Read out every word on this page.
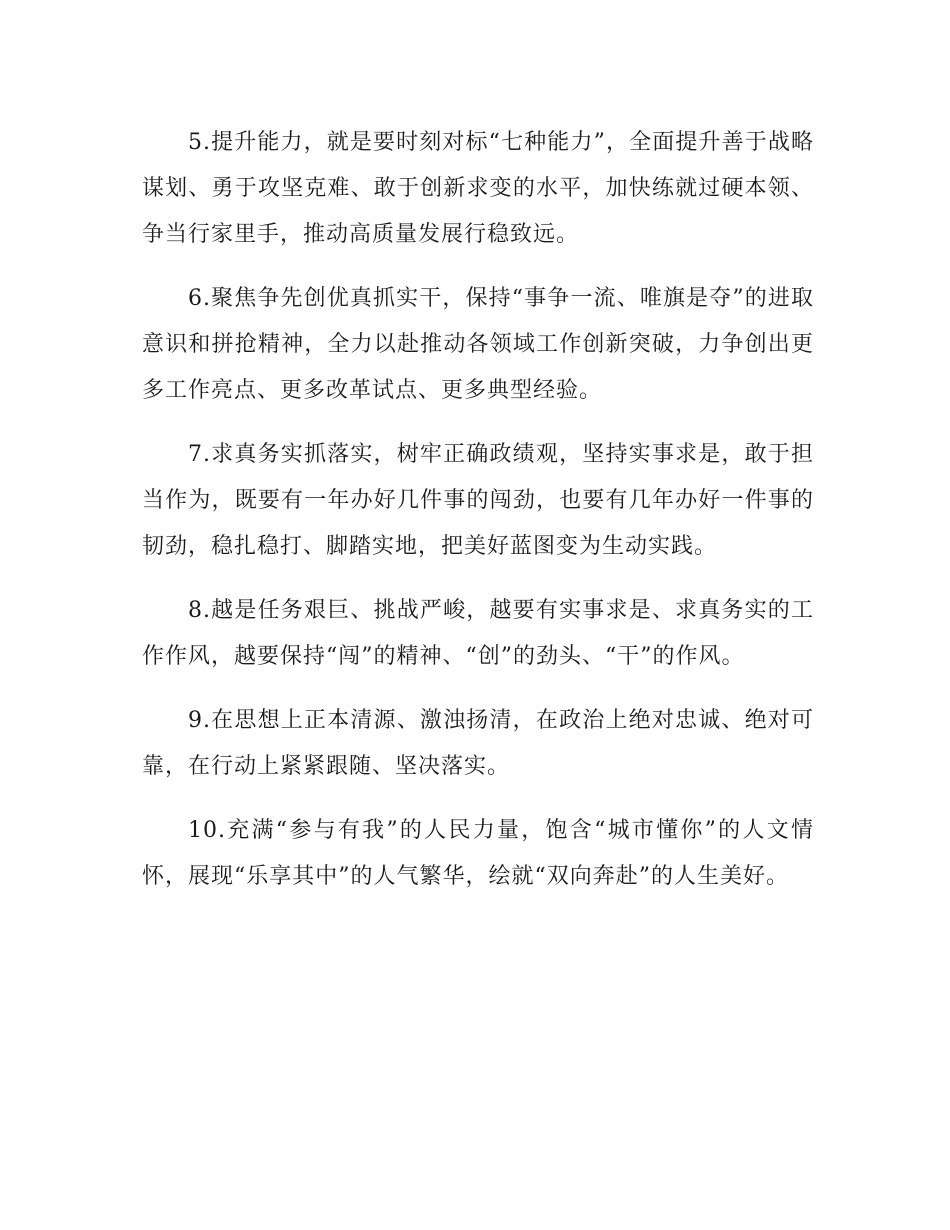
5.提升能力，就是要时刻对标“七种能力”，全面提升善于战略谋划、勇于攻坚克难、敢于创新求变的水平，加快练就过硬本领、争当行家里手，推动高质量发展行稳致远。

6.聚焦争先创优真抓实干，保持“事争一流、唯旗是夺”的进取意识和拼抢精神，全力以赴推动各领域工作创新突破，力争创出更多工作亮点、更多改革试点、更多典型经验。

7.求真务实抓落实，树牢正确政绩观，坚持实事求是，敢于担当作为，既要有一年办好几件事的闯劲，也要有几年办好一件事的韧劲，稳扎稳打、脚踏实地，把美好蓝图变为生动实践。

8.越是任务艰巨、挑战严峻，越要有实事求是、求真务实的工作作风，越要保持“闯”的精神、“创”的劲头、“干”的作风。

9.在思想上正本清源、激浊扬清，在政治上绝对忠诚、绝对可靠，在行动上紧紧跟随、坚决落实。

10.充满“参与有我”的人民力量，饱含“城市懂你”的人文情怀，展现“乐享其中”的人气繁华，绘就“双向奔赴”的人生美好。
